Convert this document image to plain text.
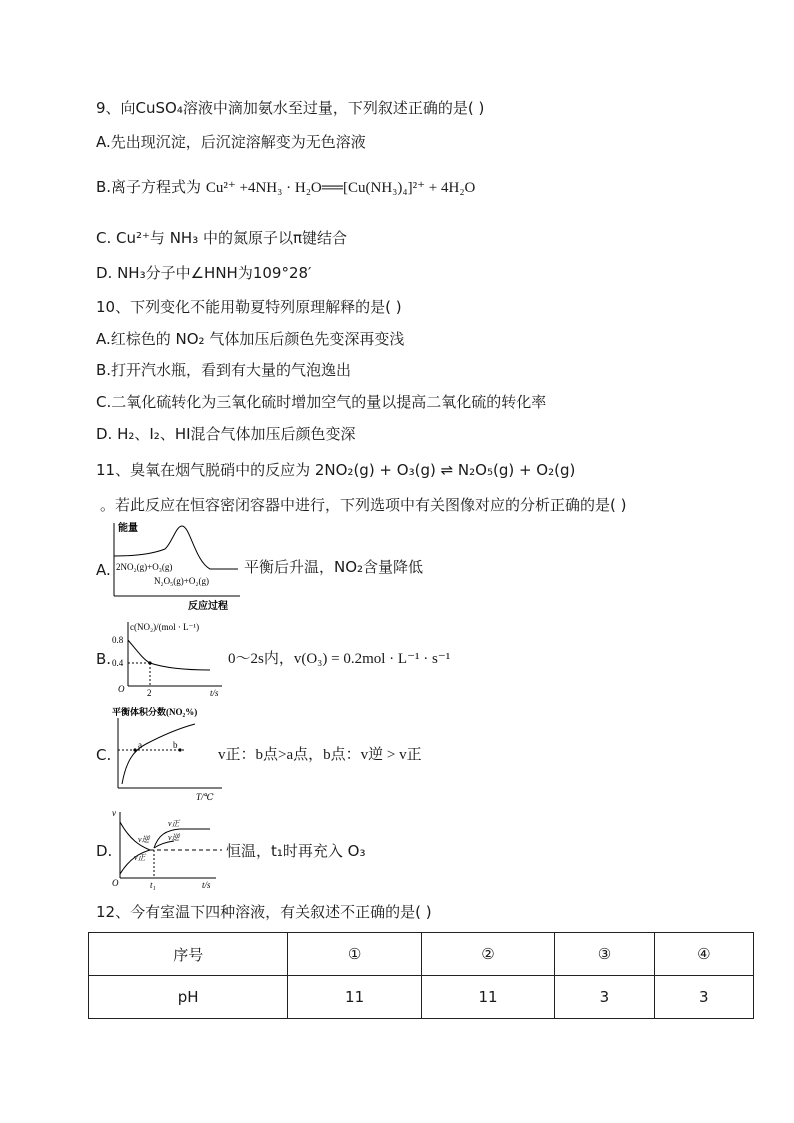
9、向CuSO₄溶液中滴加氨水至过量，下列叙述正确的是( )
A.先出现沉淀，后沉淀溶解变为无色溶液
B.离子方程式为 Cu²⁺ +4NH₃ · H₂O══[Cu(NH₃)₄]²⁺ + 4H₂O
C. Cu²⁺与 NH₃ 中的氮原子以π键结合
D. NH₃分子中∠HNH为109°28′
10、下列变化不能用勒夏特列原理解释的是( )
A.红棕色的 NO₂ 气体加压后颜色先变深再变浅
B.打开汽水瓶，看到有大量的气泡逸出
C.二氧化硫转化为三氧化硫时增加空气的量以提高二氧化硫的转化率
D. H₂、I₂、HI混合气体加压后颜色变深
11、臭氧在烟气脱硝中的反应为 2NO₂(g) + O₃(g) ⇌ N₂O₅(g) + O₂(g)
。若此反应在恒容密闭容器中进行，下列选项中有关图像对应的分析正确的是( )
A.
能量
2NO₂(g)+O₃(g)
N₂O₅(g)+O₂(g)
反应过程
平衡后升温，NO₂含量降低
B.
c(NO₂)/(mol · L⁻¹)
0.8
0.4
2
O	t/s
0～2s内，v(O₃) = 0.2mol · L⁻¹ · s⁻¹
C.
平衡体积分数(NO₂%)
a	b
T/℃
v正：b点>a点，b点：v逆 > v正
D.
v
v正
v逆 v逆
v正
O	t₁	t/s
恒温，t₁时再充入 O₃
12、今有室温下四种溶液，有关叙述不正确的是( )
序号	①	②	③	④
pH	11	11	3	3
